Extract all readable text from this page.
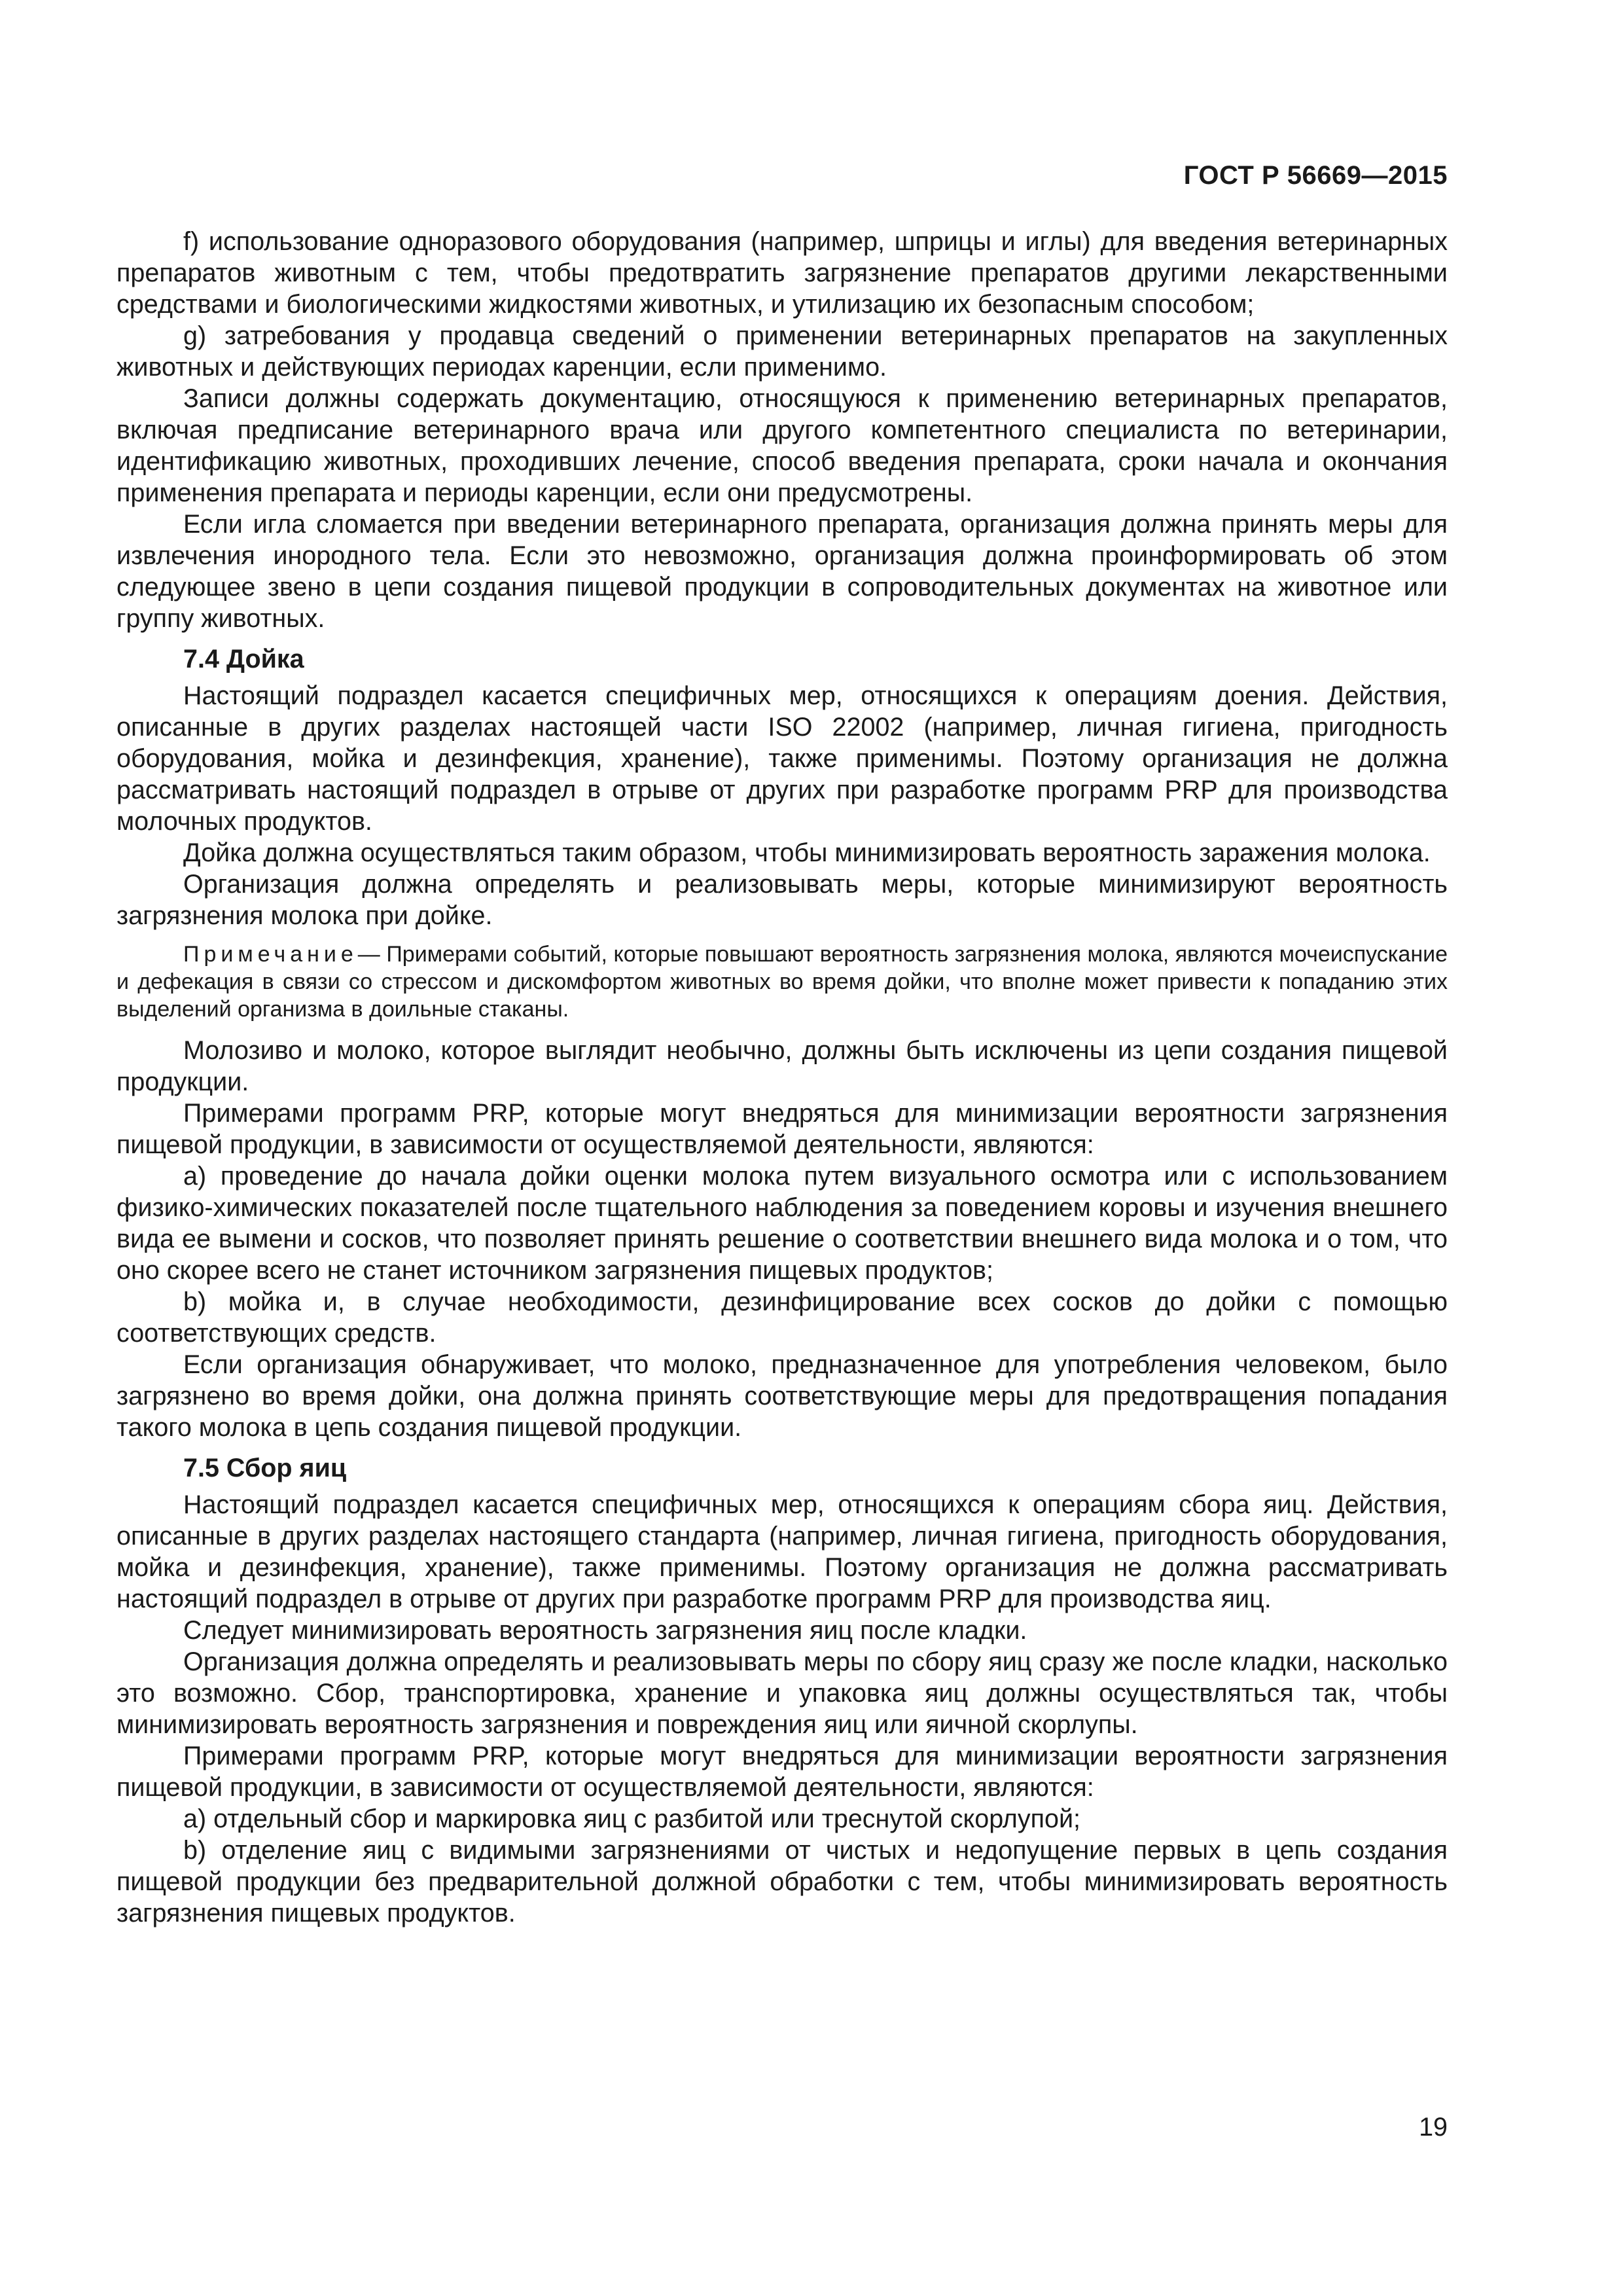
ГОСТ Р 56669—2015

f) использование одноразового оборудования (например, шприцы и иглы) для введения ветеринарных препаратов животным с тем, чтобы предотвратить загрязнение препаратов другими лекарственными средствами и биологическими жидкостями животных, и утилизацию их безопасным способом;

g) затребования у продавца сведений о применении ветеринарных препаратов на закупленных животных и действующих периодах каренции, если применимо.

Записи должны содержать документацию, относящуюся к применению ветеринарных препаратов, включая предписание ветеринарного врача или другого компетентного специалиста по ветеринарии, идентификацию животных, проходивших лечение, способ введения препарата, сроки начала и окончания применения препарата и периоды каренции, если они предусмотрены.

Если игла сломается при введении ветеринарного препарата, организация должна принять меры для извлечения инородного тела. Если это невозможно, организация должна проинформировать об этом следующее звено в цепи создания пищевой продукции в сопроводительных документах на животное или группу животных.

7.4 Дойка

Настоящий подраздел касается специфичных мер, относящихся к операциям доения. Действия, описанные в других разделах настоящей части ISO 22002 (например, личная гигиена, пригодность оборудования, мойка и дезинфекция, хранение), также применимы. Поэтому организация не должна рассматривать настоящий подраздел в отрыве от других при разработке программ PRP для производства молочных продуктов.

Дойка должна осуществляться таким образом, чтобы минимизировать вероятность заражения молока.

Организация должна определять и реализовывать меры, которые минимизируют вероятность загрязнения молока при дойке.

Примечание— Примерами событий, которые повышают вероятность загрязнения молока, являются мочеиспускание и дефекация в связи со стрессом и дискомфортом животных во время дойки, что вполне может привести к попаданию этих выделений организма в доильные стаканы.

Молозиво и молоко, которое выглядит необычно, должны быть исключены из цепи создания пищевой продукции.

Примерами программ PRP, которые могут внедряться для минимизации вероятности загрязнения пищевой продукции, в зависимости от осуществляемой деятельности, являются:

a) проведение до начала дойки оценки молока путем визуального осмотра или с использованием физико-химических показателей после тщательного наблюдения за поведением коровы и изучения внешнего вида ее вымени и сосков, что позволяет принять решение о соответствии внешнего вида молока и о том, что оно скорее всего не станет источником загрязнения пищевых продуктов;

b) мойка и, в случае необходимости, дезинфицирование всех сосков до дойки с помощью соответствующих средств.

Если организация обнаруживает, что молоко, предназначенное для употребления человеком, было загрязнено во время дойки, она должна принять соответствующие меры для предотвращения попадания такого молока в цепь создания пищевой продукции.

7.5 Сбор яиц

Настоящий подраздел касается специфичных мер, относящихся к операциям сбора яиц. Действия, описанные в других разделах настоящего стандарта (например, личная гигиена, пригодность оборудования, мойка и дезинфекция, хранение), также применимы. Поэтому организация не должна рассматривать настоящий подраздел в отрыве от других при разработке программ PRP для производства яиц.

Следует минимизировать вероятность загрязнения яиц после кладки.

Организация должна определять и реализовывать меры по сбору яиц сразу же после кладки, насколько это возможно. Сбор, транспортировка, хранение и упаковка яиц должны осуществляться так, чтобы минимизировать вероятность загрязнения и повреждения яиц или яичной скорлупы.

Примерами программ PRP, которые могут внедряться для минимизации вероятности загрязнения пищевой продукции, в зависимости от осуществляемой деятельности, являются:

a) отдельный сбор и маркировка яиц с разбитой или треснутой скорлупой;

b) отделение яиц с видимыми загрязнениями от чистых и недопущение первых в цепь создания пищевой продукции без предварительной должной обработки с тем, чтобы минимизировать вероятность загрязнения пищевых продуктов.

19
